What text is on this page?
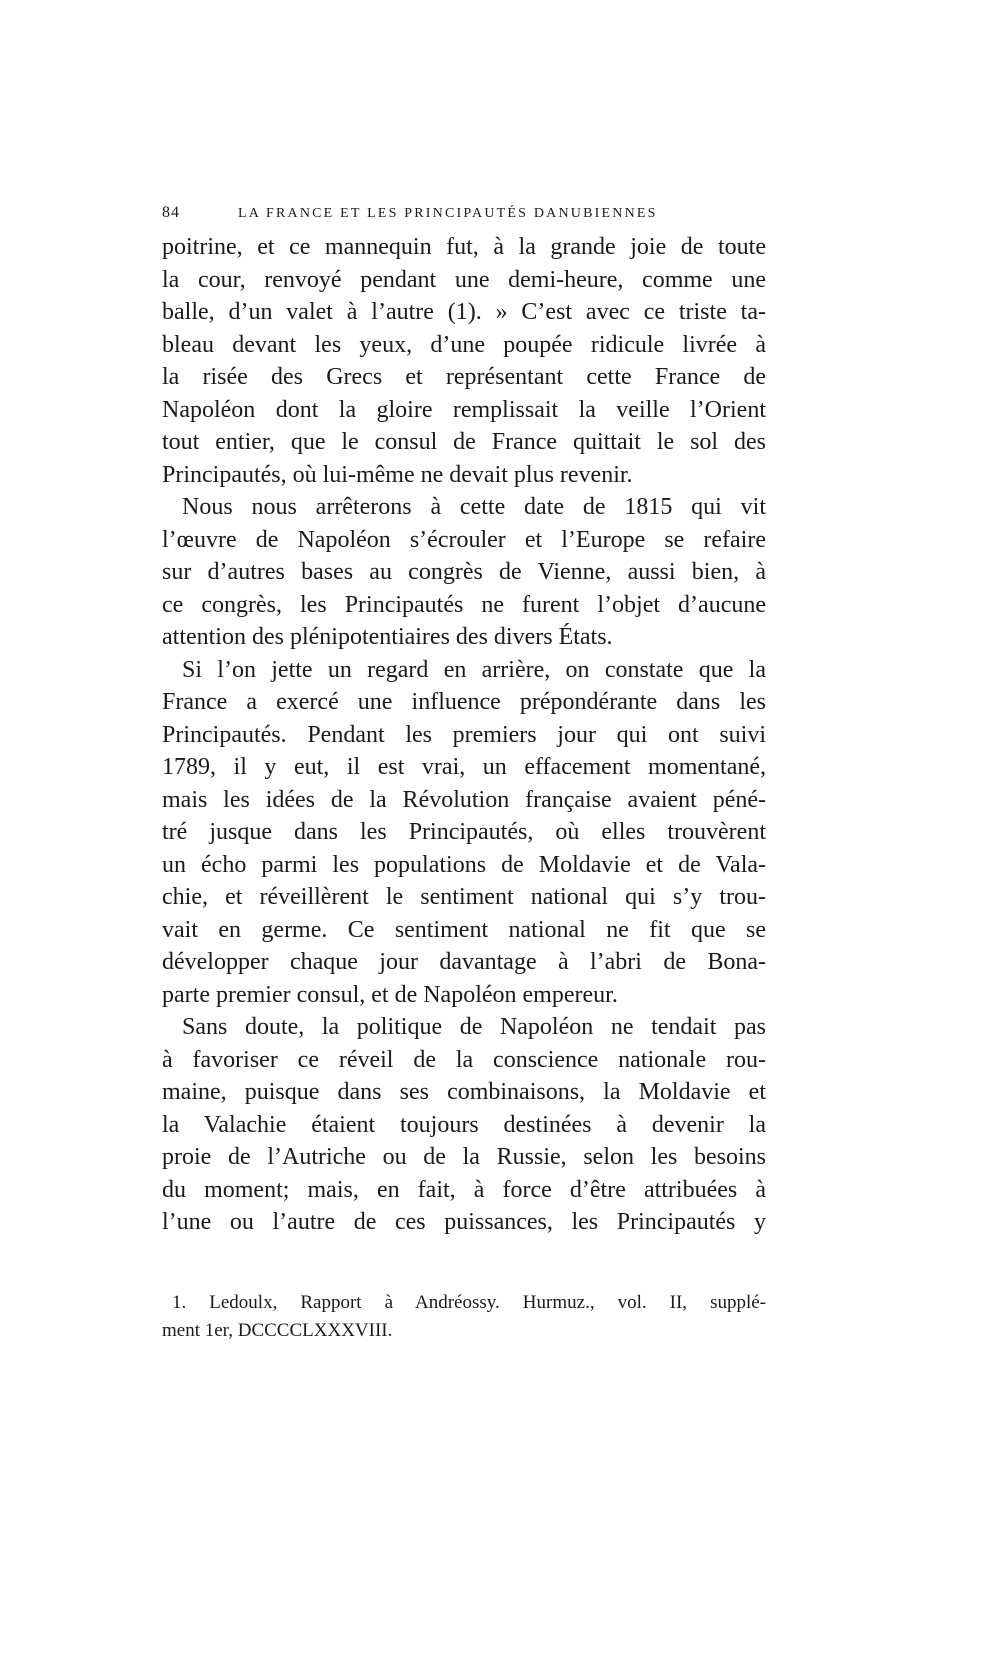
84	LA FRANCE ET LES PRINCIPAUTÉS DANUBIENNES
poitrine, et ce mannequin fut, à la grande joie de toute
la cour, renvoyé pendant une demi-heure, comme une
balle, d’un valet à l’autre (1). » C’est avec ce triste ta-
bleau devant les yeux, d’une poupée ridicule livrée à
la risée des Grecs et représentant cette France de
Napoléon dont la gloire remplissait la veille l’Orient
tout entier, que le consul de France quittait le sol des
Principautés, où lui-même ne devait plus revenir.
Nous nous arrêterons à cette date de 1815 qui vit
l’œuvre de Napoléon s’écrouler et l’Europe se refaire
sur d’autres bases au congrès de Vienne, aussi bien, à
ce congrès, les Principautés ne furent l’objet d’aucune
attention des plénipotentiaires des divers États.
Si l’on jette un regard en arrière, on constate que la
France a exercé une influence prépondérante dans les
Principautés. Pendant les premiers jour qui ont suivi
1789, il y eut, il est vrai, un effacement momentané,
mais les idées de la Révolution française avaient péné-
tré jusque dans les Principautés, où elles trouvèrent
un écho parmi les populations de Moldavie et de Vala-
chie, et réveillèrent le sentiment national qui s’y trou-
vait en germe. Ce sentiment national ne fit que se
développer chaque jour davantage à l’abri de Bona-
parte premier consul, et de Napoléon empereur.
Sans doute, la politique de Napoléon ne tendait pas
à favoriser ce réveil de la conscience nationale rou-
maine, puisque dans ses combinaisons, la Moldavie et
la Valachie étaient toujours destinées à devenir la
proie de l’Autriche ou de la Russie, selon les besoins
du moment; mais, en fait, à force d’être attribuées à
l’une ou l’autre de ces puissances, les Principautés y
1. Ledoulx, Rapport à Andréossy. Hurmuz., vol. II, supplé-
ment 1er, DCCCCLXXXVIII.
